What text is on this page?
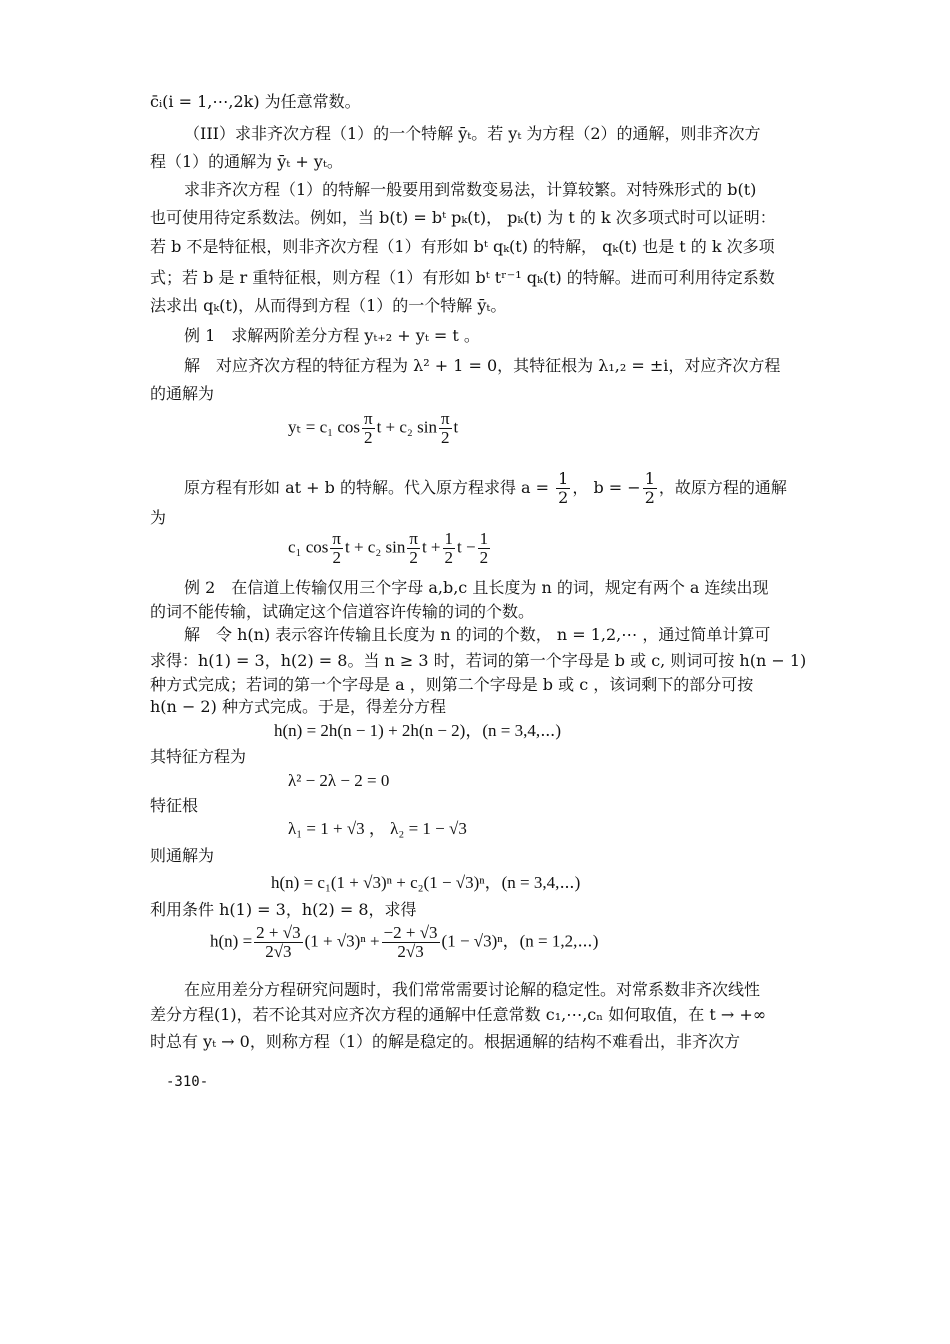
c̄ᵢ(i = 1,⋯,2k) 为任意常数。
（III）求非齐次方程（1）的一个特解 ȳₜ。若 yₜ 为方程（2）的通解，则非齐次方
程（1）的通解为 ȳₜ + yₜ。
求非齐次方程（1）的特解一般要用到常数变易法，计算较繁。对特殊形式的 b(t)
也可使用待定系数法。例如，当 b(t) = bᵗ pₖ(t)， pₖ(t) 为 t 的 k 次多项式时可以证明：
若 b 不是特征根，则非齐次方程（1）有形如 bᵗ qₖ(t) 的特解， qₖ(t) 也是 t 的 k 次多项
式；若 b 是 r 重特征根，则方程（1）有形如 bᵗ tʳ⁻¹ qₖ(t) 的特解。进而可利用待定系数
法求出 qₖ(t)，从而得到方程（1）的一个特解 ȳₜ。
例 1　求解两阶差分方程 yₜ₊₂ + yₜ = t 。
解　对应齐次方程的特征方程为 λ² + 1 = 0，其特征根为 λ₁,₂ = ±i，对应齐次方程
的通解为
yₜ = c₁ $\cos \frac{\pi}{2}$ t + c₂ $\sin \frac{\pi}{2}$ t
原方程有形如 at + b 的特解。代入原方程求得 $a = \frac{1}{2}$ ， b = − $\frac{1}{2}$ ，故原方程的通解
为
c₁ $\cos \frac{\pi}{2}$ t + c₂ $\sin \frac{\pi}{2}$ $t + \frac{1}{2}$ $t - \frac{1}{2}$
例 2　在信道上传输仅用三个字母 a,b,c 且长度为 n 的词，规定有两个 a 连续出现
的词不能传输，试确定这个信道容许传输的词的个数。
解　令 h(n) 表示容许传输且长度为 n 的词的个数， n = 1,2,⋯ ，通过简单计算可
求得：h(1) = 3，h(2) = 8。当 n ≥ 3 时，若词的第一个字母是 b 或 c, 则词可按 h(n − 1)
种方式完成；若词的第一个字母是 a ，则第二个字母是 b 或 c ，该词剩下的部分可按
h(n − 2) 种方式完成。于是，得差分方程
h(n) = 2h(n − 1) + 2h(n − 2)，(n = 3,4,⋯)
其特征方程为
λ² − 2λ − 2 = 0
特征根
λ₁ = 1 + √3 ， λ₂ = 1 − √3
则通解为
h(n) = c₁(1 + √3)ⁿ + c₂(1 − √3)ⁿ，(n = 3,4,⋯)
利用条件 h(1) = 3，h(2) = 8，求得
$h(n) = \frac{2 + √3}{2√3} (1 + √3)^n + \frac{-2 + √3}{2√3} (1 - √3)^n$，(n = 1,2,⋯)
在应用差分方程研究问题时，我们常常需要讨论解的稳定性。对常系数非齐次线性
差分方程(1)，若不论其对应齐次方程的通解中任意常数 c₁,⋯,cₙ 如何取值，在 t → +∞
时总有 yₜ → 0，则称方程（1）的解是稳定的。根据通解的结构不难看出，非齐次方
-310-
